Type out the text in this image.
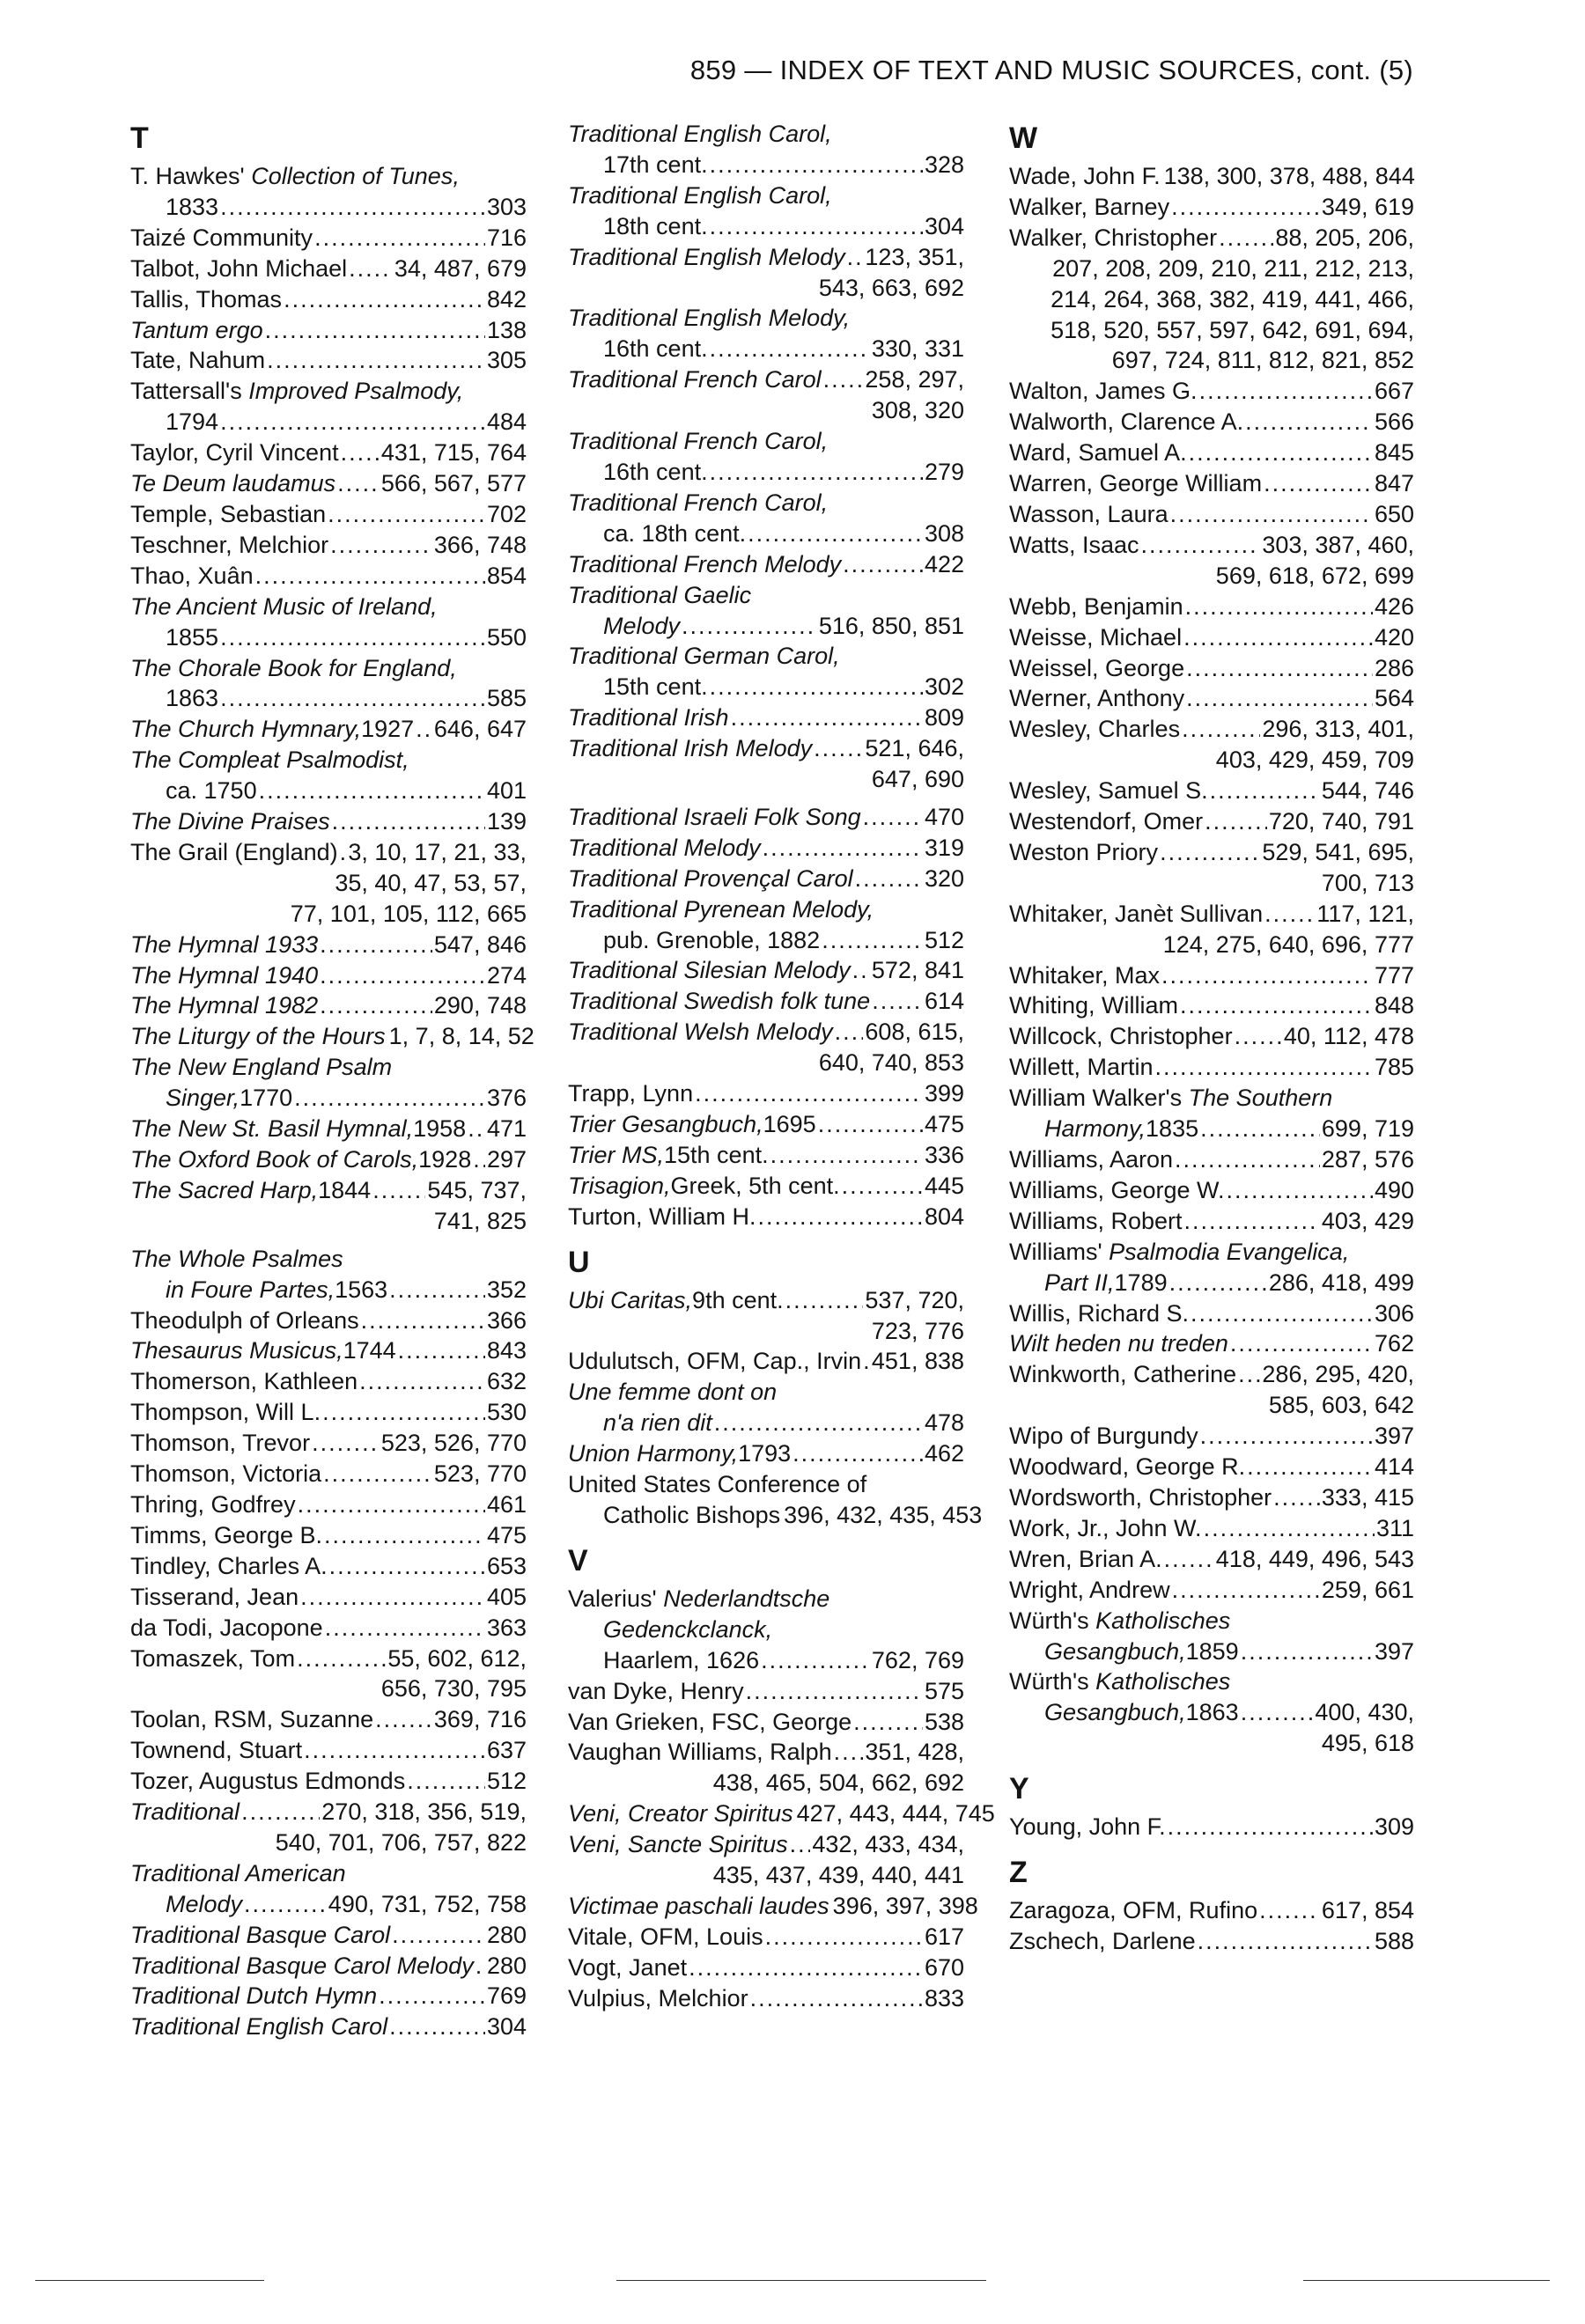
859 — INDEX OF TEXT AND MUSIC SOURCES, cont. (5)
T
T. Hawkes' Collection of Tunes,
1833 .....	303
Taizé Community .....	716
Talbot, John Michael ..... 34, 487, 679
Tallis, Thomas .....	842
Tantum ergo .....	138
Tate, Nahum .....	305
Tattersall's Improved Psalmody,
1794 .....	484
Taylor, Cyril Vincent ..... 431, 715, 764
Te Deum laudamus ..... 566, 567, 577
Temple, Sebastian .....	702
Teschner, Melchior .....	366, 748
Thao, Xuân .....	854
The Ancient Music of Ireland,
1855 .....	550
The Chorale Book for England,
1863 .....	585
The Church Hymnary, 1927 ..... 646, 647
The Compleat Psalmodist,
ca. 1750 .....	401
The Divine Praises .....	139
The Grail (England) ..... 3, 10, 17, 21, 33,
35, 40, 47, 53, 57,
77, 101, 105, 112, 665
The Hymnal 1933 .....	547, 846
The Hymnal 1940 .....	274
The Hymnal 1982 .....	290, 748
The Liturgy of the Hours 1, 7, 8, 14, 52
The New England Psalm
Singer, 1770 .....	376
The New St. Basil Hymnal, 1958 ..... 471
The Oxford Book of Carols, 1928 ..... 297
The Sacred Harp, 1844 ..... 545, 737,
741, 825
The Whole Psalmes
in Foure Partes, 1563 .....	352
Theodulph of Orleans .....	366
Thesaurus Musicus, 1744 .....	843
Thomerson, Kathleen .....	632
Thompson, Will L. .....	530
Thomson, Trevor .....	523, 526, 770
Thomson, Victoria .....	523, 770
Thring, Godfrey .....	461
Timms, George B. .....	475
Tindley, Charles A. .....	653
Tisserand, Jean .....	405
da Todi, Jacopone .....	363
Tomaszek, Tom .....	55, 602, 612,
656, 730, 795
Toolan, RSM, Suzanne .....	369, 716
Townend, Stuart .....	637
Tozer, Augustus Edmonds .....	512
Traditional .....	270, 318, 356, 519,
540, 701, 706, 757, 822
Traditional American
Melody .....	490, 731, 752, 758
Traditional Basque Carol .....	280
Traditional Basque Carol Melody ..... 280
Traditional Dutch Hymn .....	769
Traditional English Carol .....	304
Traditional English Carol,
17th cent. .....	328
Traditional English Carol,
18th cent. .....	304
Traditional English Melody ..... 123, 351,
543, 663, 692
Traditional English Melody,
16th cent. .....	330, 331
Traditional French Carol ..... 258, 297,
308, 320
Traditional French Carol,
16th cent. .....	279
Traditional French Carol,
ca. 18th cent. .....	308
Traditional French Melody .....	422
Traditional Gaelic
Melody .....	516, 850, 851
Traditional German Carol,
15th cent. .....	302
Traditional Irish .....	809
Traditional Irish Melody ..... 521, 646,
647, 690
Traditional Israeli Folk Song .....	470
Traditional Melody .....	319
Traditional Provençal Carol .....	320
Traditional Pyrenean Melody,
pub. Grenoble, 1882 .....	512
Traditional Silesian Melody ..... 572, 841
Traditional Swedish folk tune ..... 614
Traditional Welsh Melody ..... 608, 615,
640, 740, 853
Trapp, Lynn .....	399
Trier Gesangbuch, 1695 .....	475
Trier MS, 15th cent. .....	336
Trisagion, Greek, 5th cent. .....	445
Turton, William H. .....	804
U
Ubi Caritas, 9th cent. .....	537, 720,
723, 776
Udulutsch, OFM, Cap., Irvin ..... 451, 838
Une femme dont on
n'a rien dit .....	478
Union Harmony, 1793 .....	462
United States Conference of
Catholic Bishops 396, 432, 435, 453
V
Valerius' Nederlandtsche
Gedenckclanck,
Haarlem, 1626 .....	762, 769
van Dyke, Henry .....	575
Van Grieken, FSC, George .....	538
Vaughan Williams, Ralph ..... 351, 428,
438, 465, 504, 662, 692
Veni, Creator Spiritus 427, 443, 444, 745
Veni, Sancte Spiritus ..... 432, 433, 434,
435, 437, 439, 440, 441
Victimae paschali laudes 396, 397, 398
Vitale, OFM, Louis .....	617
Vogt, Janet .....	670
Vulpius, Melchior .....	833
W
Wade, John F. 138, 300, 378, 488, 844
Walker, Barney .....	349, 619
Walker, Christopher ..... 88, 205, 206,
207, 208, 209, 210, 211, 212, 213,
214, 264, 368, 382, 419, 441, 466,
518, 520, 557, 597, 642, 691, 694,
697, 724, 811, 812, 821, 852
Walton, James G. .....	667
Walworth, Clarence A. .....	566
Ward, Samuel A. .....	845
Warren, George William .....	847
Wasson, Laura .....	650
Watts, Isaac .....	303, 387, 460,
569, 618, 672, 699
Webb, Benjamin .....	426
Weisse, Michael .....	420
Weissel, George .....	286
Werner, Anthony .....	564
Wesley, Charles .....	296, 313, 401,
403, 429, 459, 709
Wesley, Samuel S. .....	544, 746
Westendorf, Omer .....	720, 740, 791
Weston Priory .....	529, 541, 695,
700, 713
Whitaker, Janèt Sullivan ..... 117, 121,
124, 275, 640, 696, 777
Whitaker, Max .....	777
Whiting, William .....	848
Willcock, Christopher ..... 40, 112, 478
Willett, Martin .....	785
William Walker's The Southern
Harmony, 1835 .....	699, 719
Williams, Aaron .....	287, 576
Williams, George W. .....	490
Williams, Robert .....	403, 429
Williams' Psalmodia Evangelica,
Part II, 1789 .....	286, 418, 499
Willis, Richard S. .....	306
Wilt heden nu treden .....	762
Winkworth, Catherine ..... 286, 295, 420,
585, 603, 642
Wipo of Burgundy .....	397
Woodward, George R. .....	414
Wordsworth, Christopher ..... 333, 415
Work, Jr., John W. .....	311
Wren, Brian A. ..... 418, 449, 496, 543
Wright, Andrew .....	259, 661
Würth's Katholisches
Gesangbuch, 1859 .....	397
Würth's Katholisches
Gesangbuch, 1863 .....	400, 430,
495, 618
Y
Young, John F. .....	309
Z
Zaragoza, OFM, Rufino .....	617, 854
Zschech, Darlene .....	588
